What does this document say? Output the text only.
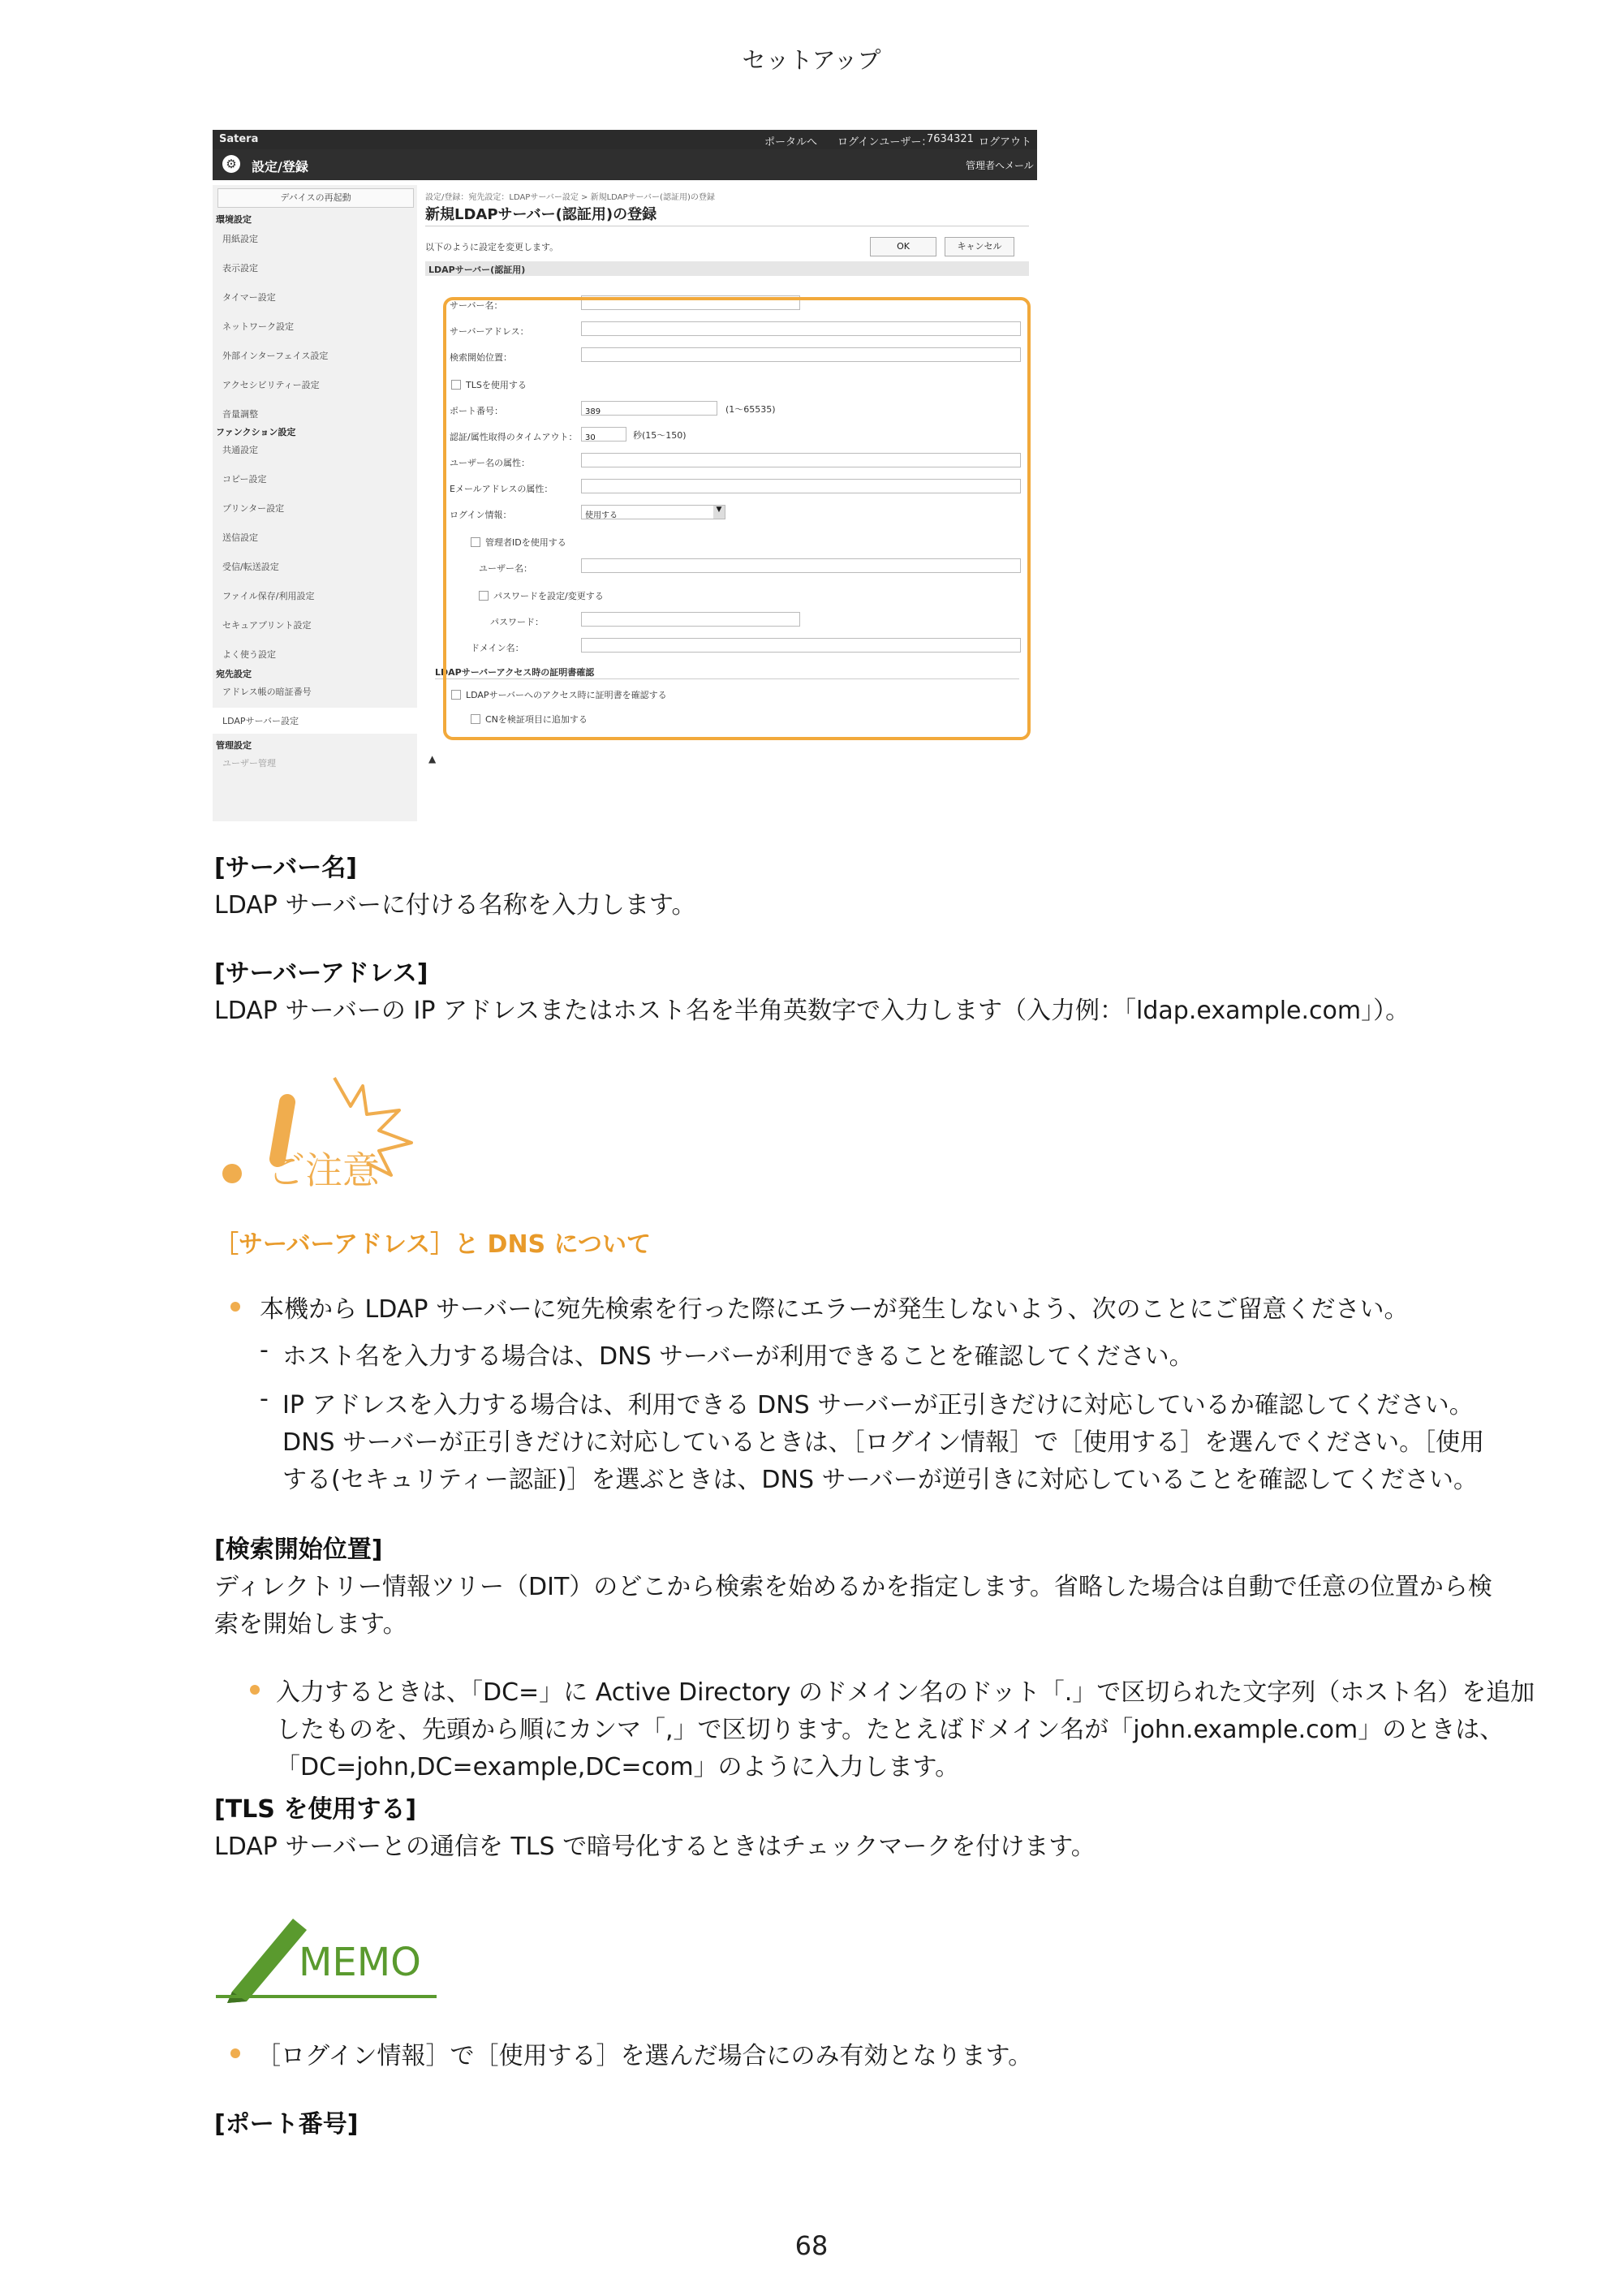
セットアップ
Satera	ポータルへ ログインユーザー：
7634321 ログアウト
⚙ 設定/登録	管理者へメール
デバイスの再起動
環境設定
用紙設定
表示設定
タイマー設定
ネットワーク設定
外部インターフェイス設定
アクセシビリティー設定
音量調整
ファンクション設定
共通設定
コピー設定
プリンター設定
送信設定
受信/転送設定
ファイル保存/利用設定
セキュアプリント設定
よく使う設定
宛先設定
アドレス帳の暗証番号
LDAPサーバー設定
管理設定
ユーザー管理
設定/登録：宛先設定：LDAPサーバー設定 > 新規LDAPサーバー(認証用)の登録
新規LDAPサーバー(認証用)の登録
以下のように設定を変更します。	OK	キャンセル
LDAPサーバー(認証用)
サーバー名：
サーバーアドレス：
検索開始位置：
TLSを使用する
ポート番号：	389	(1～65535)
認証/属性取得のタイムアウト： 30	秒(15～150)
ユーザー名の属性：
Eメールアドレスの属性：
ログイン情報：	使用する
▼
管理者IDを使用する
ユーザー名：
パスワードを設定/変更する
パスワード：
ドメイン名：
LDAPサーバーアクセス時の証明書確認
LDAPサーバーへのアクセス時に証明書を確認する
CNを検証項目に追加する
▲
[サーバー名]
LDAP サーバーに付ける名称を入力します。
[サーバーアドレス]
LDAP サーバーの IP アドレスまたはホスト名を半角英数字で入力します（入力例：「ldap.example.com」）。
ご注意
［サーバーアドレス］と DNS について
本機から LDAP サーバーに宛先検索を行った際にエラーが発生しないよう、次のことにご留意ください。
- ホスト名を入力する場合は、DNS サーバーが利用できることを確認してください。
- IP アドレスを入力する場合は、利用できる DNS サーバーが正引きだけに対応しているか確認してください。
DNS サーバーが正引きだけに対応しているときは、［ログイン情報］で［使用する］を選んでください。［使用
する(セキュリティー認証)］を選ぶときは、DNS サーバーが逆引きに対応していることを確認してください。
[検索開始位置]
ディレクトリー情報ツリー（DIT）のどこから検索を始めるかを指定します。省略した場合は自動で任意の位置から検
索を開始します。
入力するときは、「DC=」に Active Directory のドメイン名のドット「.」で区切られた文字列（ホスト名）を追加
したものを、先頭から順にカンマ「,」で区切ります。たとえばドメイン名が「john.example.com」のときは、
「DC=john,DC=example,DC=com」のように入力します。
[TLS を使用する]
LDAP サーバーとの通信を TLS で暗号化するときはチェックマークを付けます。
MEMO
［ログイン情報］で［使用する］を選んだ場合にのみ有効となります。
[ポート番号]
68
